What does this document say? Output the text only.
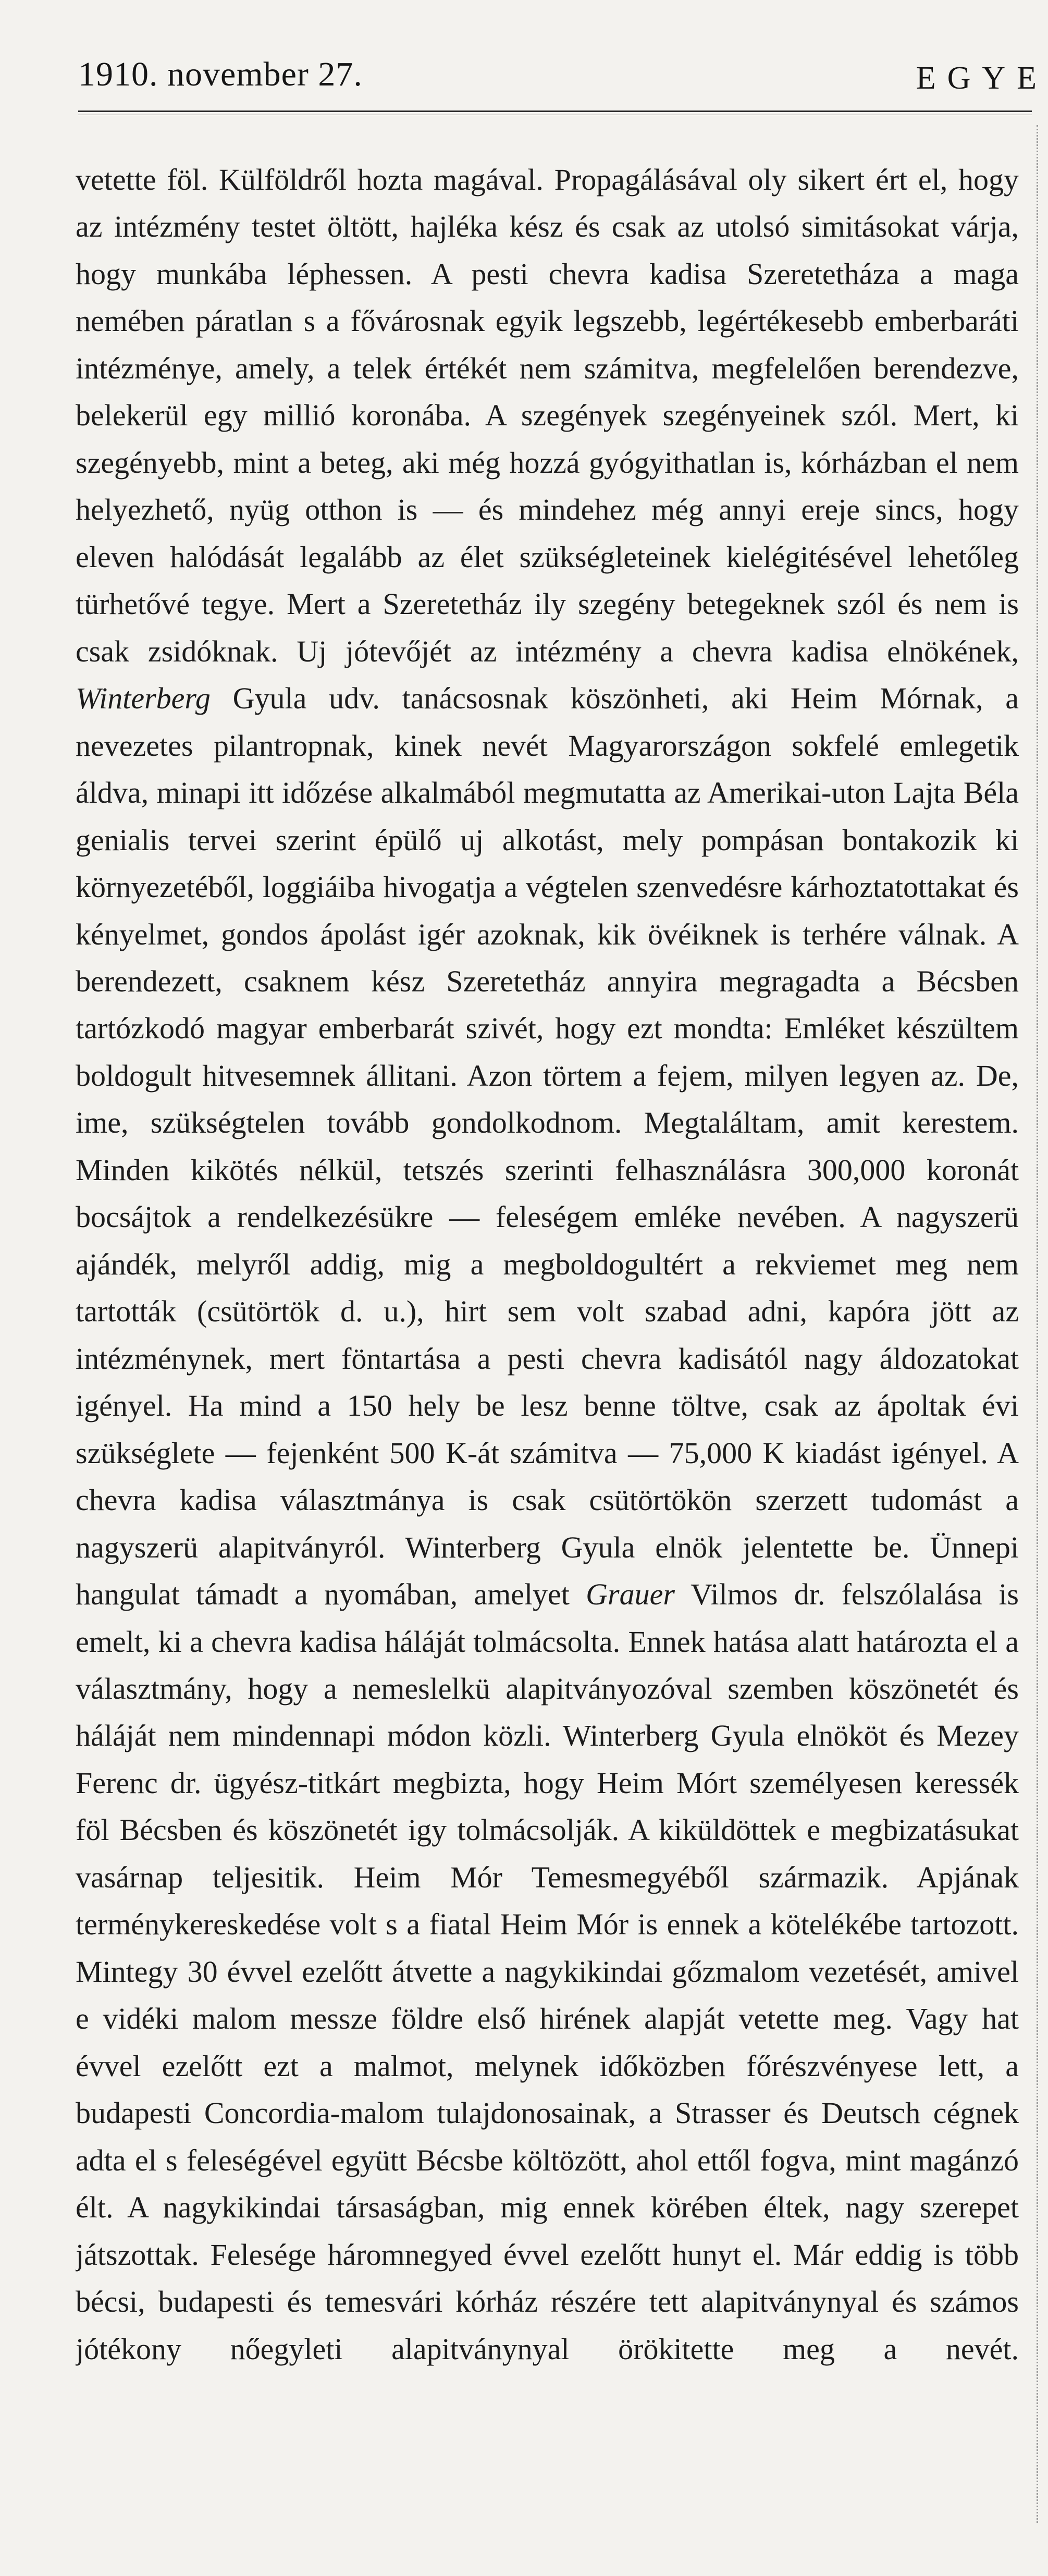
1910. november 27.	EGYE

vetette föl. Külföldről hozta magával. Propagálásával oly sikert ért el, hogy az intézmény testet öltött, hajléka kész és csak az utolsó simitásokat várja, hogy munkába léphessen. A pesti chevra kadisa Szeretetháza a maga nemében páratlan s a fővárosnak egyik legszebb, legértékesebb emberbaráti intézménye, amely, a telek értékét nem számitva, megfelelően berendezve, belekerül egy millió koronába. A szegények szegényeinek szól. Mert, ki szegényebb, mint a beteg, aki még hozzá gyógyithatlan is, kórházban el nem helyezhető, nyüg otthon is — és mindehez még annyi ereje sincs, hogy eleven halódását legalább az élet szükségleteinek kielégitésével lehetőleg türhetővé tegye. Mert a Szeretetház ily szegény betegeknek szól és nem is csak zsidóknak. Uj jótevőjét az intézmény a chevra kadisa elnökének, Winterberg Gyula udv. tanácsosnak köszönheti, aki Heim Mórnak, a nevezetes pilantropnak, kinek nevét Magyarországon sokfelé emlegetik áldva, minapi itt időzése alkalmából megmutatta az Amerikai-uton Lajta Béla genialis tervei szerint épülő uj alkotást, mely pompásan bontakozik ki környezetéből, loggiáiba hivogatja a végtelen szenvedésre kárhoztatottakat és kényelmet, gondos ápolást igér azoknak, kik övéiknek is terhére válnak. A berendezett, csaknem kész Szeretetház annyira megragadta a Bécsben tartózkodó magyar emberbarát szivét, hogy ezt mondta: Emléket készültem boldogult hitvesemnek állitani. Azon törtem a fejem, milyen legyen az. De, ime, szükségtelen tovább gondolkodnom. Megtaláltam, amit kerestem. Minden kikötés nélkül, tetszés szerinti felhasználásra 300,000 koronát bocsájtok a rendelkezésükre — feleségem emléke nevében. A nagyszerü ajándék, melyről addig, mig a megboldogultért a rekviemet meg nem tartották (csütörtök d. u.), hirt sem volt szabad adni, kapóra jött az intézménynek, mert föntartása a pesti chevra kadisától nagy áldozatokat igényel. Ha mind a 150 hely be lesz benne töltve, csak az ápoltak évi szükséglete — fejenként 500 K-át számitva — 75,000 K kiadást igényel. A chevra kadisa választmánya is csak csütörtökön szerzett tudomást a nagyszerü alapitványról. Winterberg Gyula elnök jelentette be. Ünnepi hangulat támadt a nyomában, amelyet Grauer Vilmos dr. felszólalása is emelt, ki a chevra kadisa háláját tolmácsolta. Ennek hatása alatt határozta el a választmány, hogy a nemeslelkü alapitványozóval szemben köszönetét és háláját nem mindennapi módon közli. Winterberg Gyula elnököt és Mezey Ferenc dr. ügyész-titkárt megbizta, hogy Heim Mórt személyesen keressék föl Bécsben és köszönetét igy tolmácsolják. A kiküldöttek e megbizatásukat vasárnap teljesitik. Heim Mór Temesmegyéből származik. Apjának terménykereskedése volt s a fiatal Heim Mór is ennek a kötelékébe tartozott. Mintegy 30 évvel ezelőtt átvette a nagykikindai gőzmalom vezetését, amivel e vidéki malom messze földre első hirének alapját vetette meg. Vagy hat évvel ezelőtt ezt a malmot, melynek időközben főrészvényese lett, a budapesti Concordia-malom tulajdonosainak, a Strasser és Deutsch cégnek adta el s feleségével együtt Bécsbe költözött, ahol ettől fogva, mint magánzó élt. A nagykikindai társaságban, mig ennek körében éltek, nagy szerepet játszottak. Felesége háromnegyed évvel ezelőtt hunyt el. Már eddig is több bécsi, budapesti és temesvári kórház részére tett alapitványnyal és számos jótékony nőegyleti alapitványnyal örökitette meg a nevét.
